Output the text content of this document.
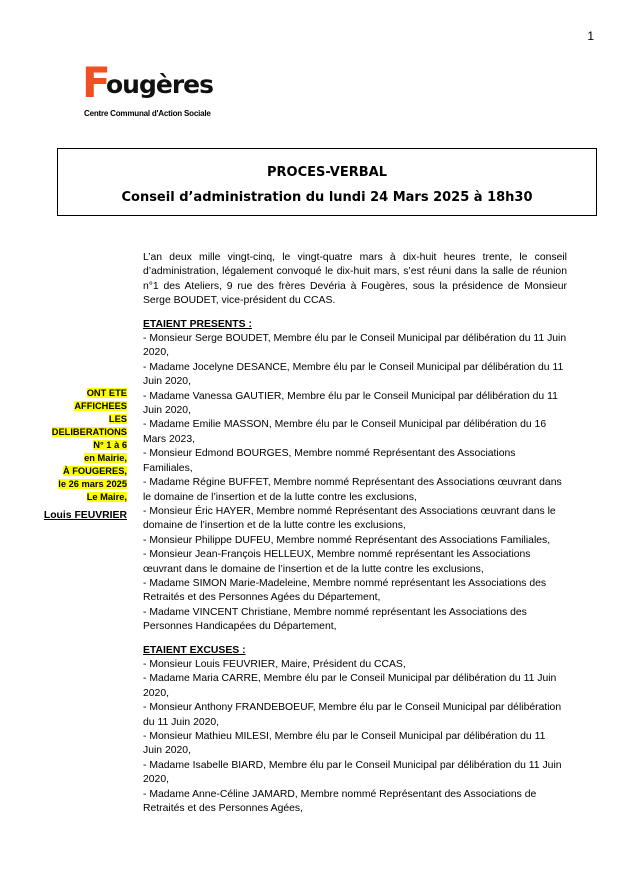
1
F
ougères
Centre Communal d'Action Sociale
PROCES-VERBAL
Conseil d’administration du lundi 24 Mars 2025 à 18h30
ONT ETE AFFICHEES
LES DELIBERATIONS
N° 1 à 6
en Mairie,
À FOUGERES,
le 26 mars 2025
Le Maire,
Louis FEUVRIER
L’an deux mille vingt-cinq, le vingt-quatre mars à dix-huit heures trente, le conseil d’administration, légalement convoqué le dix-huit mars, s’est réuni dans la salle de réunion n°1 des Ateliers, 9 rue des frères Devéria à Fougères, sous la présidence de Monsieur Serge BOUDET, vice-président du CCAS.
ETAIENT PRESENTS :
- Monsieur Serge BOUDET, Membre élu par le Conseil Municipal par délibération du 11 Juin 2020,
- Madame Jocelyne DESANCE, Membre élu par le Conseil Municipal par délibération du 11 Juin 2020,
- Madame Vanessa GAUTIER, Membre élu par le Conseil Municipal par délibération du 11 Juin 2020,
- Madame Emilie MASSON, Membre élu par le Conseil Municipal par délibération du 16 Mars 2023,
- Monsieur Edmond BOURGES, Membre nommé Représentant des Associations Familiales,
- Madame Régine BUFFET, Membre nommé Représentant des Associations œuvrant dans le domaine de l’insertion et de la lutte contre les exclusions,
- Monsieur Éric HAYER, Membre nommé Représentant des Associations œuvrant dans le domaine de l’insertion et de la lutte contre les exclusions,
- Monsieur Philippe DUFEU, Membre nommé Représentant des Associations Familiales,
- Monsieur Jean-François HELLEUX, Membre nommé représentant les Associations œuvrant dans le domaine de l’insertion et de la lutte contre les exclusions,
- Madame SIMON Marie-Madeleine, Membre nommé représentant les Associations des Retraités et des Personnes Agées du Département,
- Madame VINCENT Christiane, Membre nommé représentant les Associations des Personnes Handicapées du Département,
ETAIENT EXCUSES :
- Monsieur Louis FEUVRIER, Maire, Président du CCAS,
- Madame Maria CARRE, Membre élu par le Conseil Municipal par délibération du 11 Juin 2020,
- Monsieur Anthony FRANDEBOEUF, Membre élu par le Conseil Municipal par délibération du 11 Juin 2020,
- Monsieur Mathieu MILESI, Membre élu par le Conseil Municipal par délibération du 11 Juin 2020,
- Madame Isabelle BIARD, Membre élu par le Conseil Municipal par délibération du 11 Juin 2020,
- Madame Anne-Céline JAMARD, Membre nommé Représentant des Associations de Retraités et des Personnes Agées,
